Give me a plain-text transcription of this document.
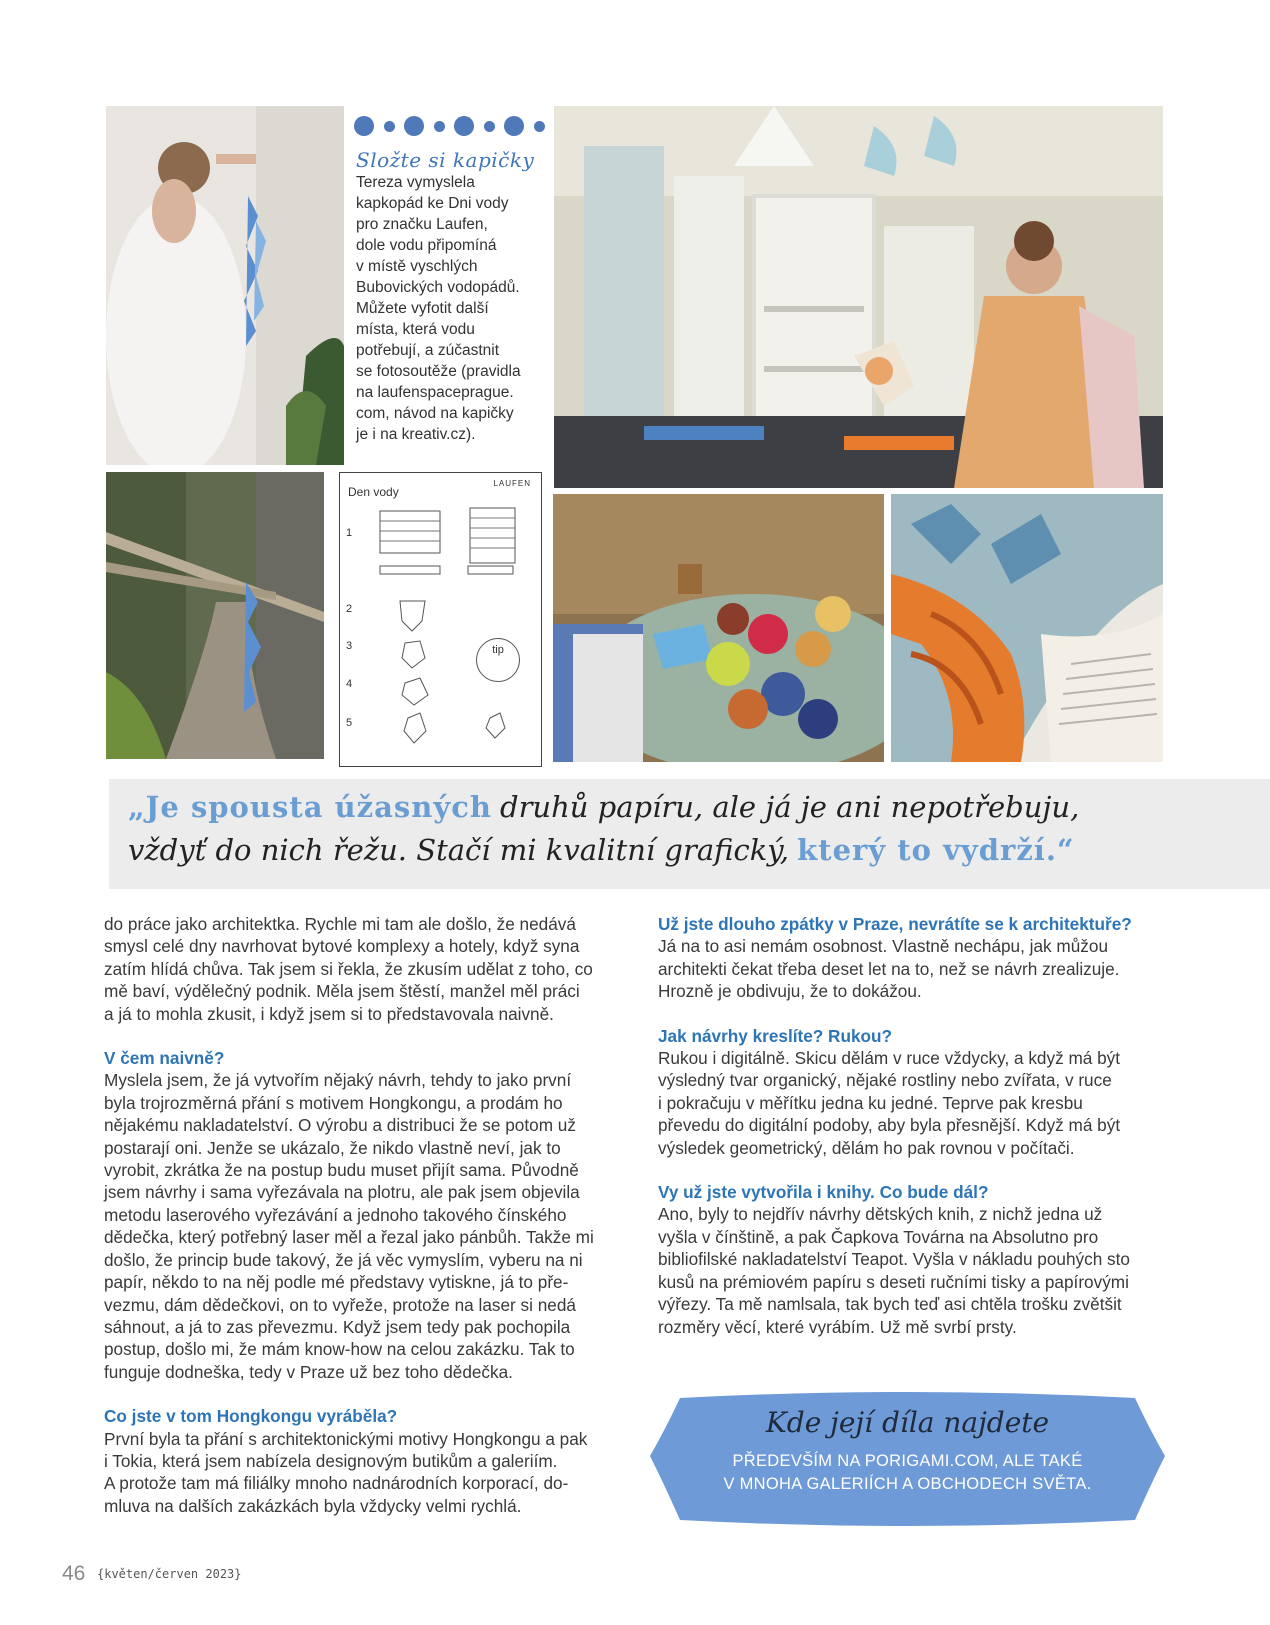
Složte si kapičky
Tereza vymyslela
kapkopád ke Dni vody
pro značku Laufen,
dole vodu připomíná
v místě vyschlých
Bubovických vodopádů.
Můžete vyfotit další
místa, která vodu
potřebují, a zúčastnit
se fotosoutěže (pravidla
na laufenspaceprague.
com, návod na kapičky
je i na kreativ.cz).
Den vody
LAUFEN
1
2
3
4
5
tip
„Je spousta úžasných druhů papíru, ale já je ani nepotřebuju,
vždyť do nich řežu. Stačí mi kvalitní grafický, který to vydrží.“
do práce jako architektka. Rychle mi tam ale došlo, že nedává
smysl celé dny navrhovat bytové komplexy a hotely, když syna
zatím hlídá chůva. Tak jsem si řekla, že zkusím udělat z toho, co
mě baví, výdělečný podnik. Měla jsem štěstí, manžel měl práci
a já to mohla zkusit, i když jsem si to představovala naivně.
V čem naivně?
Myslela jsem, že já vytvořím nějaký návrh, tehdy to jako první
byla trojrozměrná přání s motivem Hongkongu, a prodám ho
nějakému nakladatelství. O výrobu a distribuci že se potom už
postarají oni. Jenže se ukázalo, že nikdo vlastně neví, jak to
vyrobit, zkrátka že na postup budu muset přijít sama. Původně
jsem návrhy i sama vyřezávala na plotru, ale pak jsem objevila
metodu laserového vyřezávání a jednoho takového čínského
dědečka, který potřebný laser měl a řezal jako pánbůh. Takže mi
došlo, že princip bude takový, že já věc vymyslím, vyberu na ni
papír, někdo to na něj podle mé představy vytiskne, já to pře-
vezmu, dám dědečkovi, on to vyřeže, protože na laser si nedá
sáhnout, a já to zas převezmu. Když jsem tedy pak pochopila
postup, došlo mi, že mám know-how na celou zakázku. Tak to
funguje dodneška, tedy v Praze už bez toho dědečka.
Co jste v tom Hongkongu vyráběla?
První byla ta přání s architektonickými motivy Hongkongu a pak
i Tokia, která jsem nabízela designovým butikům a galeriím.
A protože tam má filiálky mnoho nadnárodních korporací, do-
mluva na dalších zakázkách byla vždycky velmi rychlá.
Už jste dlouho zpátky v Praze, nevrátíte se k architektuře?
Já na to asi nemám osobnost. Vlastně nechápu, jak můžou
architekti čekat třeba deset let na to, než se návrh zrealizuje.
Hrozně je obdivuju, že to dokážou.
Jak návrhy kreslíte? Rukou?
Rukou i digitálně. Skicu dělám v ruce vždycky, a když má být
výsledný tvar organický, nějaké rostliny nebo zvířata, v ruce
i pokračuju v měřítku jedna ku jedné. Teprve pak kresbu
převedu do digitální podoby, aby byla přesnější. Když má být
výsledek geometrický, dělám ho pak rovnou v počítači.
Vy už jste vytvořila i knihy. Co bude dál?
Ano, byly to nejdřív návrhy dětských knih, z nichž jedna už
vyšla v čínštině, a pak Čapkova Továrna na Absolutno pro
bibliofilské nakladatelství Teapot. Vyšla v nákladu pouhých sto
kusů na prémiovém papíru s deseti ručními tisky a papírovými
výřezy. Ta mě namlsala, tak bych teď asi chtěla trošku zvětšit
rozměry věcí, které vyrábím. Už mě svrbí prsty.
Kde její díla najdete
PŘEDEVŠÍM NA PORIGAMI.COM, ALE TAKÉ
V MNOHA GALERIÍCH A OBCHODECH SVĚTA.
46 {květen/červen 2023}
